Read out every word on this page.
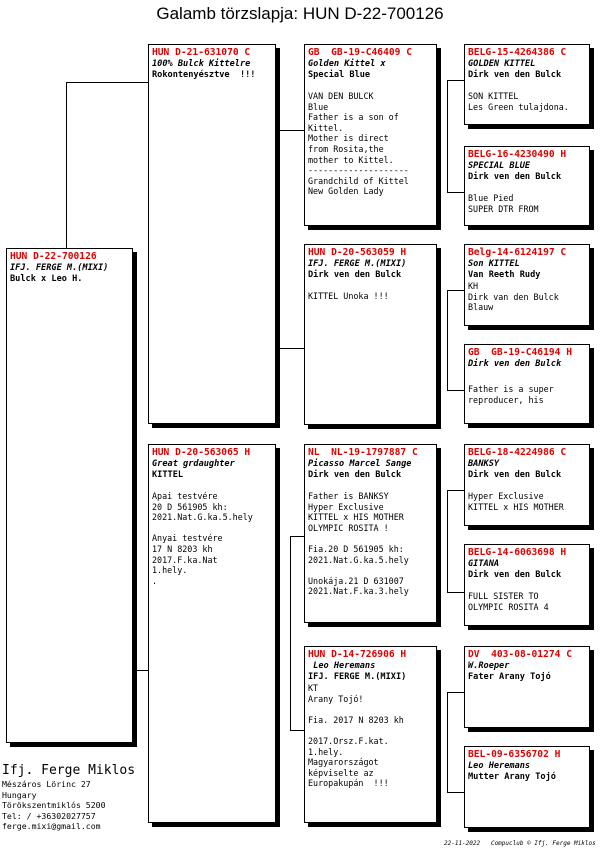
Galamb törzslapja: HUN D-22-700126
HUN D-22-700126
IFJ. FERGE M.(MIXI)
Bulck x Leo H.
HUN D-21-631070 C
100% Bulck Kittelre
Rokontenyésztve  !!!
HUN D-20-563065 H
Great grdaughter
KITTEL
Apai testvére
20 D 561905 kh:
2021.Nat.G.ka.5.hely

Anyai testvére
17 N 8203 kh
2017.F.ka.Nat
1.hely.
.
GB  GB-19-C46409 C
Golden Kittel x
Special Blue
VAN DEN BULCK
Blue
Father is a son of
Kittel.
Mother is direct
from Rosita,the
mother to Kittel.
--------------------
Grandchild of Kittel
New Golden Lady
HUN D-20-563059 H
IFJ. FERGE M.(MIXI)
Dirk ven den Bulck
KITTEL Unoka !!!
NL  NL-19-1797887 C
Picasso Marcel Sange
Dirk ven den Bulck
Father is BANKSY
Hyper Exclusive
KITTEL x HIS MOTHER
OLYMPIC ROSITA !

Fia.20 D 561905 kh:
2021.Nat.G.ka.5.hely

Unokája.21 D 631007
2021.Nat.F.ka.3.hely
HUN D-14-726906 H
Leo Heremans
IFJ. FERGE M.(MIXI)
KT
Arany Tojó!

Fia. 2017 N 8203 kh

2017.Orsz.F.kat.
1.hely.
Magyarországot
képviselte az
Europakupán  !!!
BELG-15-4264386 C
GOLDEN KITTEL
Dirk ven den Bulck
SON KITTEL
Les Green tulajdona.
BELG-16-4230490 H
SPECIAL BLUE
Dirk ven den Bulck
Blue Pied
SUPER DTR FROM
Belg-14-6124197 C
Son KITTEL
Van Reeth Rudy
KH
Dirk van den Bulck
Blauw
GB  GB-19-C46194 H
Dirk ven den Bulck
Father is a super
reproducer, his
BELG-18-4224986 C
BANKSY
Dirk ven den Bulck
Hyper Exclusive
KITTEL x HIS MOTHER
BELG-14-6063698 H
GITANA
Dirk ven den Bulck
FULL SISTER TO
OLYMPIC ROSITA 4
DV  403-08-01274 C
W.Roeper
Fater Arany Tojó
BEL-09-6356702 H
Leo Heremans
Mutter Arany Tojó
Ifj. Ferge Miklos
Mészáros Lörinc 27
Hungary
Törökszentmiklós 5200
Tel: / +36302027757
ferge.mixi@gmail.com
22-11-2022   Compuclub © Ifj. Ferge Miklos
